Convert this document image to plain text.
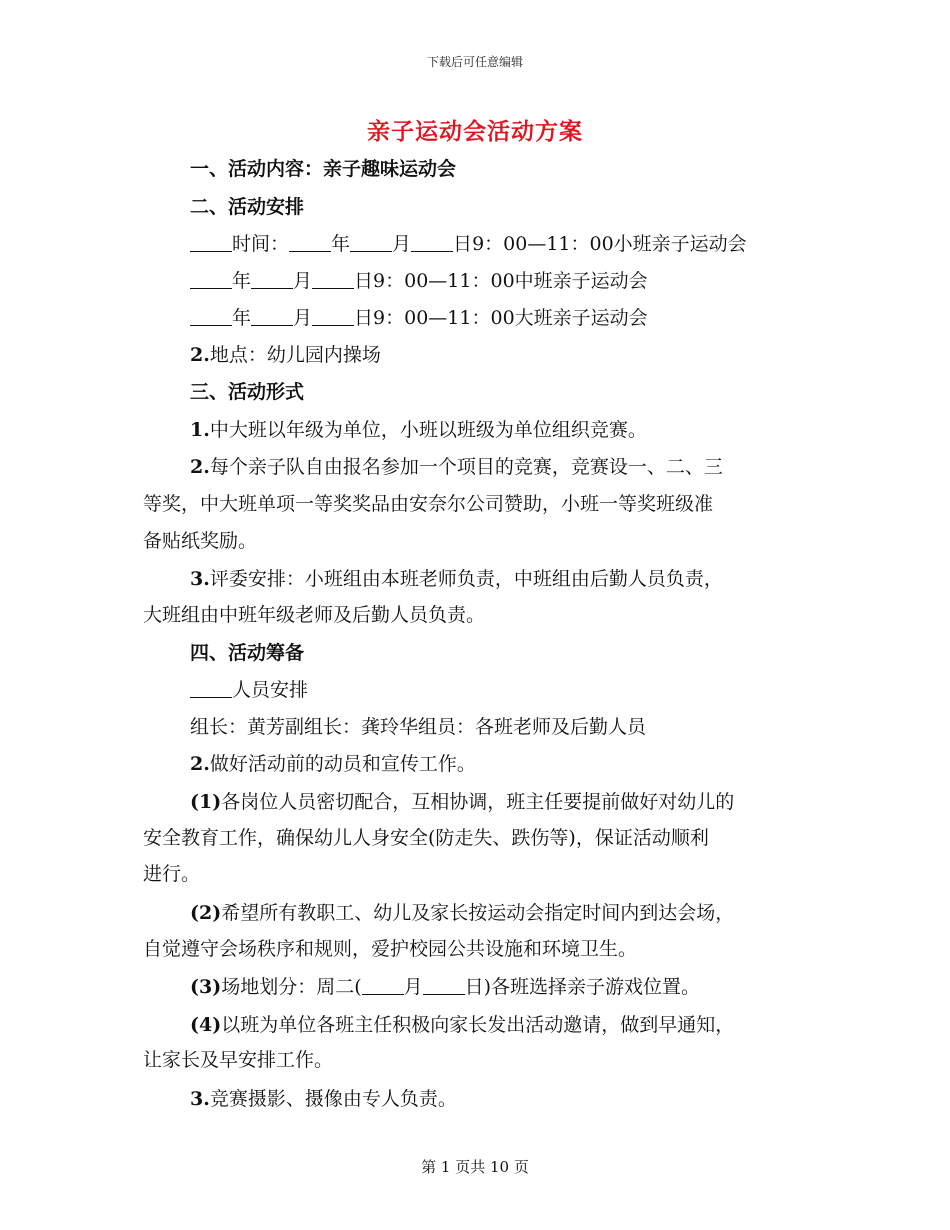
下载后可任意编辑
亲子运动会活动方案
一、活动内容：亲子趣味运动会
二、活动安排
时间： 年 月 日9：00—11：00小班亲子运动会
年 月 日9：00—11：00中班亲子运动会
年 月 日9：00—11：00大班亲子运动会
2.地点：幼儿园内操场
三、活动形式
1.中大班以年级为单位，小班以班级为单位组织竞赛。
2.每个亲子队自由报名参加一个项目的竞赛，竞赛设一、二、三
等奖，中大班单项一等奖奖品由安奈尔公司赞助，小班一等奖班级准
备贴纸奖励。
3.评委安排：小班组由本班老师负责，中班组由后勤人员负责，
大班组由中班年级老师及后勤人员负责。
四、活动筹备
人员安排
组长：黄芳副组长：龚玲华组员：各班老师及后勤人员
2.做好活动前的动员和宣传工作。
(1)各岗位人员密切配合，互相协调，班主任要提前做好对幼儿的
安全教育工作，确保幼儿人身安全(防走失、跌伤等)，保证活动顺利
进行。
(2)希望所有教职工、幼儿及家长按运动会指定时间内到达会场，
自觉遵守会场秩序和规则，爱护校园公共设施和环境卫生。
(3)场地划分：周二( 月 日)各班选择亲子游戏位置。
(4)以班为单位各班主任积极向家长发出活动邀请，做到早通知，
让家长及早安排工作。
3.竞赛摄影、摄像由专人负责。
第 1 页共 10 页
